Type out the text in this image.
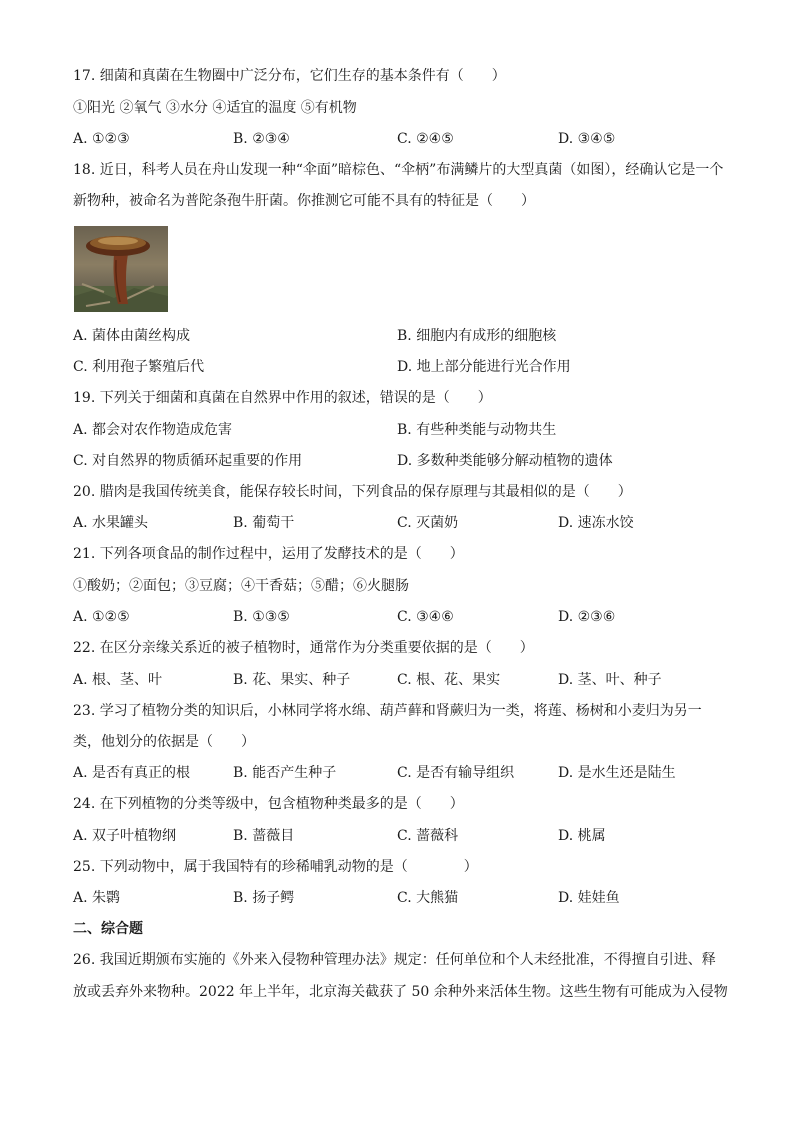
17. 细菌和真菌在生物圈中广泛分布，它们生存的基本条件有（　　）
①阳光 ②氧气 ③水分 ④适宜的温度 ⑤有机物
A. ①②③	B. ②③④	C. ②④⑤	D. ③④⑤
18. 近日，科考人员在舟山发现一种“伞面”暗棕色、“伞柄”布满鳞片的大型真菌（如图），经确认它是一个
新物种，被命名为普陀条孢牛肝菌。你推测它可能不具有的特征是（　　）
A. 菌体由菌丝构成	B. 细胞内有成形的细胞核
C. 利用孢子繁殖后代	D. 地上部分能进行光合作用
19. 下列关于细菌和真菌在自然界中作用的叙述，错误的是（　　）
A. 都会对农作物造成危害	B. 有些种类能与动物共生
C. 对自然界的物质循环起重要的作用	D. 多数种类能够分解动植物的遗体
20. 腊肉是我国传统美食，能保存较长时间，下列食品的保存原理与其最相似的是（　　）
A. 水果罐头	B. 葡萄干	C. 灭菌奶	D. 速冻水饺
21. 下列各项食品的制作过程中，运用了发酵技术的是（　　）
①酸奶；②面包；③豆腐；④干香菇；⑤醋；⑥火腿肠
A. ①②⑤	B. ①③⑤	C. ③④⑥	D. ②③⑥
22. 在区分亲缘关系近的被子植物时，通常作为分类重要依据的是（　　）
A. 根、茎、叶	B. 花、果实、种子	C. 根、花、果实	D. 茎、叶、种子
23. 学习了植物分类的知识后，小林同学将水绵、葫芦藓和肾蕨归为一类，将莲、杨树和小麦归为另一
类，他划分的依据是（　　）
A. 是否有真正的根	B. 能否产生种子	C. 是否有输导组织	D. 是水生还是陆生
24. 在下列植物的分类等级中，包含植物种类最多的是（　　）
A. 双子叶植物纲	B. 蔷薇目	C. 蔷薇科	D. 桃属
25. 下列动物中，属于我国特有的珍稀哺乳动物的是（　　　　）
A. 朱鹮	B. 扬子鳄	C. 大熊猫	D. 娃娃鱼
二、综合题
26. 我国近期颁布实施的《外来入侵物种管理办法》规定：任何单位和个人未经批准，不得擅自引进、释
放或丢弃外来物种。2022 年上半年，北京海关截获了 50 余种外来活体生物。这些生物有可能成为入侵物
